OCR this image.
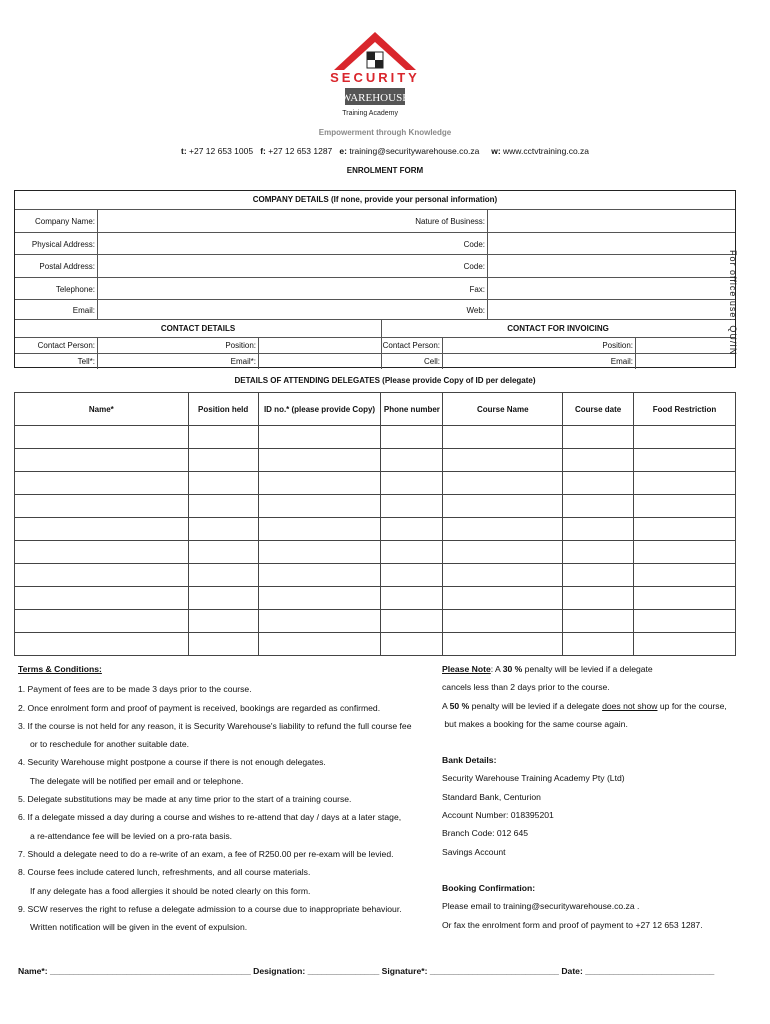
SECURITY
WAREHOUSE
Training Academy
Empowerment through Knowledge
t: +27 12 653 1005 f: +27 12 653 1287 e: training@securitywarehouse.co.za w: www.cctvtraining.co.za
ENROLMENT FORM
COMPANY DETAILS (If none, provide your personal information)
Company Name:	Nature of Business:
Physical Address:	Code:
Postal Address:	Code:
Telephone:	Fax:
Email:	Web:
CONTACT DETAILS	CONTACT FOR INVOICING
Contact Person:	Position:
Tell*:	Email*:
Contact Person:	Position:
Cell:	Email:
For office use: QU/IN
DETAILS OF ATTENDING DELEGATES (Please provide Copy of ID per delegate)
Name*	Position held	ID no.* (please provide Copy)	Phone number	Course Name	Course date	Food Restriction

Terms & Conditions:
1. Payment of fees are to be made 3 days prior to the course.
2. Once enrolment form and proof of payment is received, bookings are regarded as confirmed.
3. If the course is not held for any reason, it is Security Warehouse's liability to refund the full course fee
or to reschedule for another suitable date.
4. Security Warehouse might postpone a course if there is not enough delegates.
The delegate will be notified per email and or telephone.
5. Delegate substitutions may be made at any time prior to the start of a training course.
6. If a delegate missed a day during a course and wishes to re-attend that day / days at a later stage,
a re-attendance fee will be levied on a pro-rata basis.
7. Should a delegate need to do a re-write of an exam, a fee of R250.00 per re-exam will be levied.
8. Course fees include catered lunch, refreshments, and all course materials.
If any delegate has a food allergies it should be noted clearly on this form.
9. SCW reserves the right to refuse a delegate admission to a course due to inappropriate behaviour.
Written notification will be given in the event of expulsion.
Please Note: A 30 % penalty will be levied if a delegate
cancels less than 2 days prior to the course.
A 50 % penalty will be levied if a delegate does not show up for the course,
but makes a booking for the same course again.
Bank Details:
Security Warehouse Training Academy Pty (Ltd)
Standard Bank, Centurion
Account Number: 018395201
Branch Code: 012 645
Savings Account
Booking Confirmation:
Please email to training@securitywarehouse.co.za .
Or fax the enrolment form and proof of payment to +27 12 653 1287.
Name*: __________________________________________ Designation: _______________ Signature*: ___________________________ Date: ___________________________
